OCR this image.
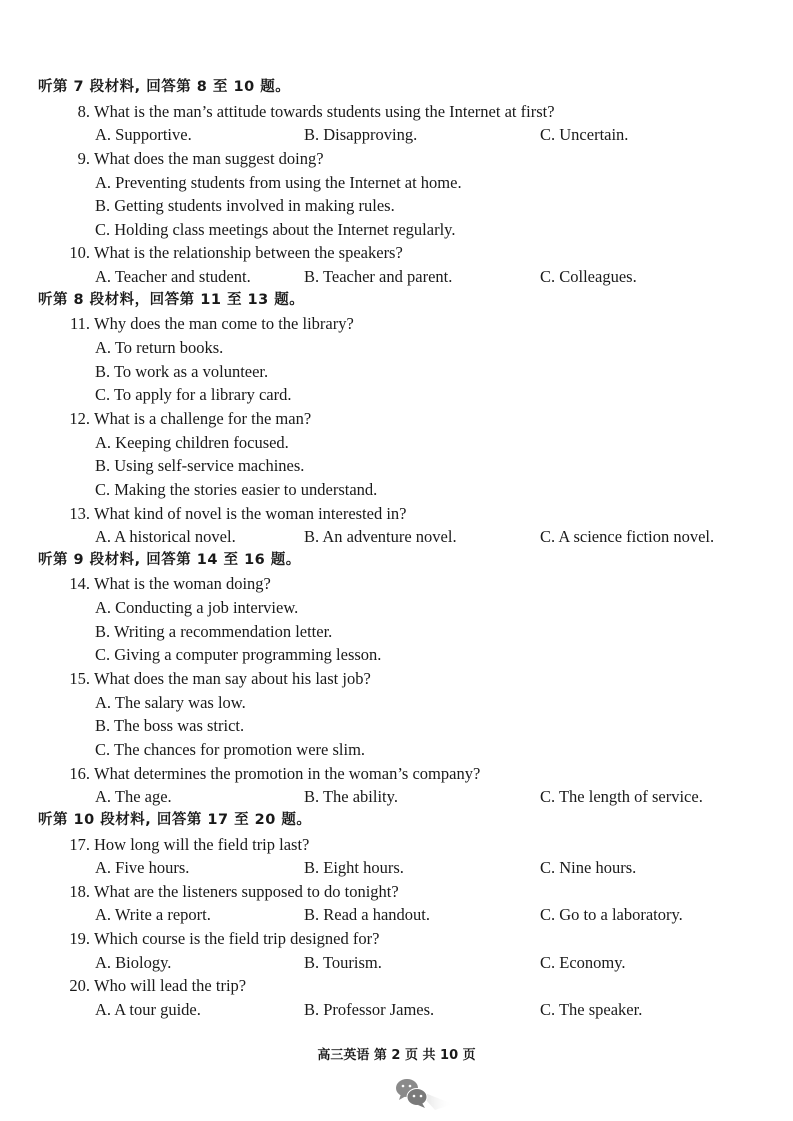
听第 7 段材料, 回答第 8 至 10 题。
8. What is the man’s attitude towards students using the Internet at first?
A. Supportive.	B. Disapproving.	C. Uncertain.
9. What does the man suggest doing?
A. Preventing students from using the Internet at home.
B. Getting students involved in making rules.
C. Holding class meetings about the Internet regularly.
10. What is the relationship between the speakers?
A. Teacher and student.	B. Teacher and parent.	C. Colleagues.
听第 8 段材料，回答第 11 至 13 题。
11. Why does the man come to the library?
A. To return books.
B. To work as a volunteer.
C. To apply for a library card.
12. What is a challenge for the man?
A. Keeping children focused.
B. Using self-service machines.
C. Making the stories easier to understand.
13. What kind of novel is the woman interested in?
A. A historical novel.	B. An adventure novel.	C. A science fiction novel.
听第 9 段材料, 回答第 14 至 16 题。
14. What is the woman doing?
A. Conducting a job interview.
B. Writing a recommendation letter.
C. Giving a computer programming lesson.
15. What does the man say about his last job?
A. The salary was low.
B. The boss was strict.
C. The chances for promotion were slim.
16. What determines the promotion in the woman’s company?
A. The age.	B. The ability.	C. The length of service.
听第 10 段材料, 回答第 17 至 20 题。
17. How long will the field trip last?
A. Five hours.	B. Eight hours.	C. Nine hours.
18. What are the listeners supposed to do tonight?
A. Write a report.	B. Read a handout.	C. Go to a laboratory.
19. Which course is the field trip designed for?
A. Biology.	B. Tourism.	C. Economy.
20. Who will lead the trip?
A. A tour guide.	B. Professor James.	C. The speaker.
高三英语 第 2 页 共 10 页
